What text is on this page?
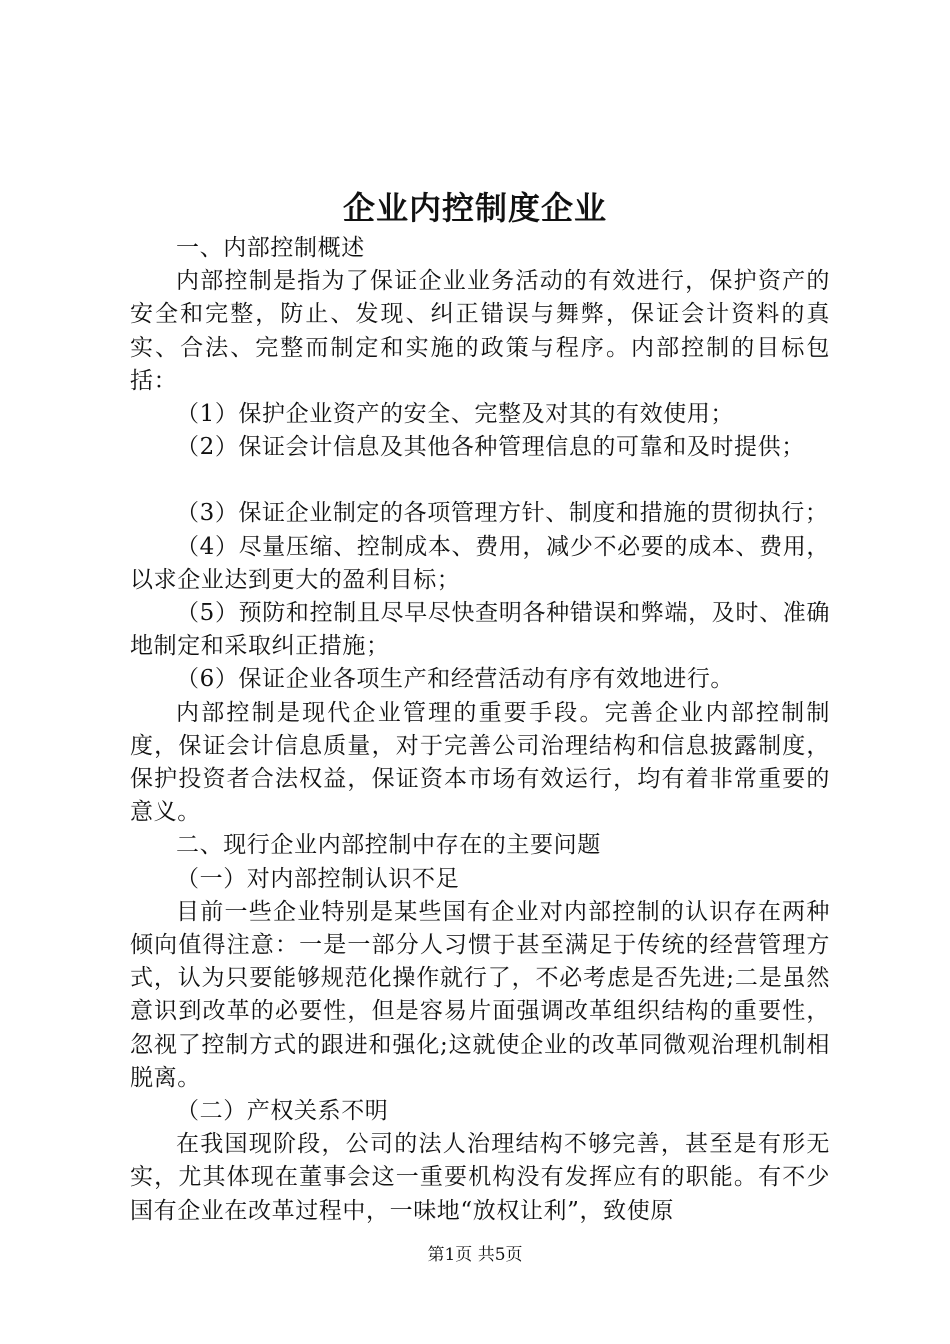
企业内控制度企业

一、内部控制概述

内部控制是指为了保证企业业务活动的有效进行，保护资产的安全和完整，防止、发现、纠正错误与舞弊，保证会计资料的真实、合法、完整而制定和实施的政策与程序。内部控制的目标包括：

（1）保护企业资产的安全、完整及对其的有效使用；

（2）保证会计信息及其他各种管理信息的可靠和及时提供；

（3）保证企业制定的各项管理方针、制度和措施的贯彻执行；

（4）尽量压缩、控制成本、费用，减少不必要的成本、费用，以求企业达到更大的盈利目标；

（5）预防和控制且尽早尽快查明各种错误和弊端，及时、准确地制定和采取纠正措施；

（6）保证企业各项生产和经营活动有序有效地进行。

内部控制是现代企业管理的重要手段。完善企业内部控制制度，保证会计信息质量，对于完善公司治理结构和信息披露制度，保护投资者合法权益，保证资本市场有效运行，均有着非常重要的意义。

二、现行企业内部控制中存在的主要问题

（一）对内部控制认识不足

目前一些企业特别是某些国有企业对内部控制的认识存在两种倾向值得注意：一是一部分人习惯于甚至满足于传统的经营管理方式，认为只要能够规范化操作就行了，不必考虑是否先进;二是虽然意识到改革的必要性，但是容易片面强调改革组织结构的重要性，忽视了控制方式的跟进和强化;这就使企业的改革同微观治理机制相脱离。

（二）产权关系不明

在我国现阶段，公司的法人治理结构不够完善，甚至是有形无实，尤其体现在董事会这一重要机构没有发挥应有的职能。有不少国有企业在改革过程中，一味地“放权让利”，致使原

第1页 共5页
